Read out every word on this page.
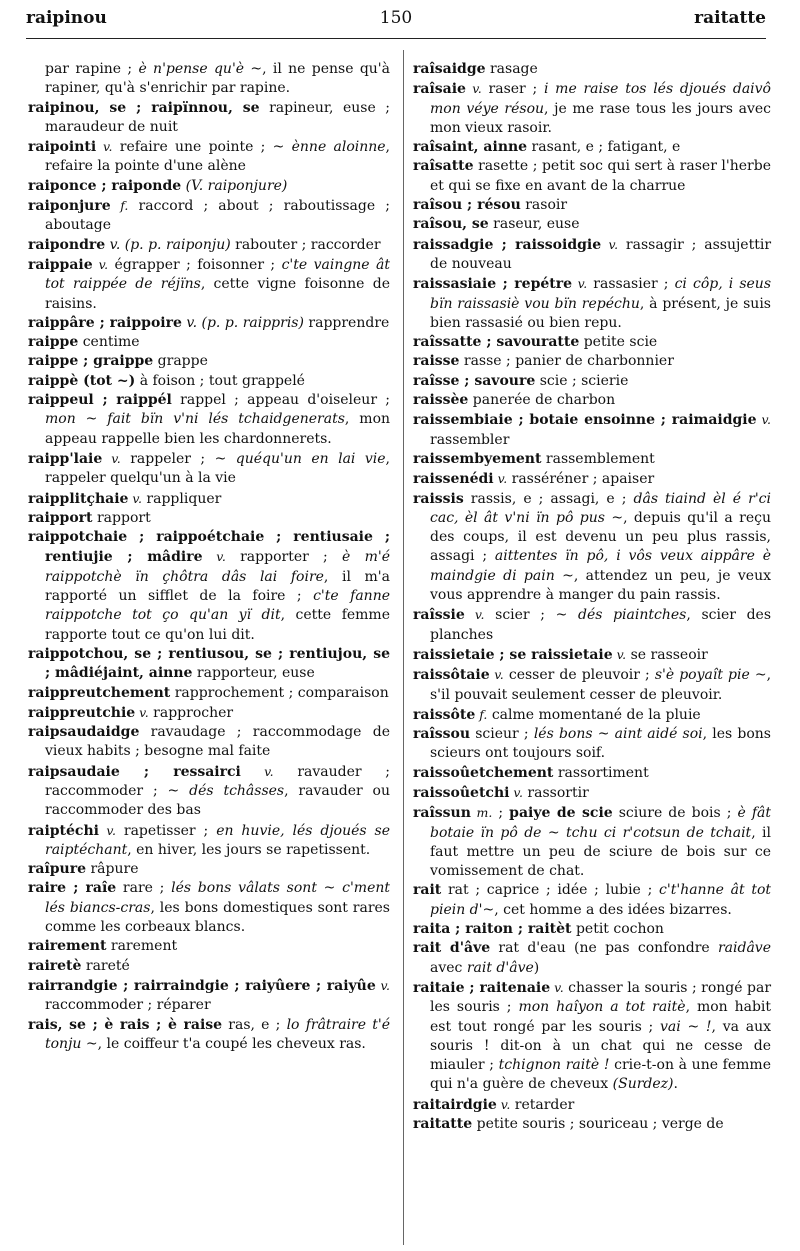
raipinou	150	raitatte

par rapine ; è n'pense qu'è ~, il ne pense qu'à rapiner, qu'à s'enrichir par rapine.

raipinou, se ; raipïnnou, se rapineur, euse ; maraudeur de nuit

raipointi v. refaire une pointe ; ~ ènne aloinne, refaire la pointe d'une alène

raiponce ; raiponde (V. raiponjure)

raiponjure f. raccord ; about ; raboutissage ; aboutage

raipondre v. (p. p. raiponju) rabouter ; raccorder

raippaie v. égrapper ; foisonner ; c'te vaingne ât tot raippée de réjïns, cette vigne foisonne de raisins.

raippâre ; raippoire v. (p. p. raippris) rapprendre

raippe centime

raippe ; graippe grappe

raippè (tot ~) à foison ; tout grappelé

raippeul ; raippél rappel ; appeau d'oiseleur ; mon ~ fait bïn v'ni lés tchaidgenerats, mon appeau rappelle bien les chardonnerets.

raipp'laie v. rappeler ; ~ quéqu'un en lai vie, rappeler quelqu'un à la vie

raipplitçhaie v. rappliquer

raipport rapport

raippotchaie ; raippoétchaie ; rentiusaie ; rentiujie ; mâdire v. rapporter ; è m'é raippotchè ïn çhôtra dâs lai foire, il m'a rapporté un sifflet de la foire ; c'te fanne raippotche tot ço qu'an yï dit, cette femme rapporte tout ce qu'on lui dit.

raippotchou, se ; rentiusou, se ; rentiujou, se ; mâdiéjaint, ainne rapporteur, euse

raippreutchement rapprochement ; comparaison

raippreutchie v. rapprocher

raipsaudaidge ravaudage ; raccommodage de vieux habits ; besogne mal faite

raipsaudaie ; ressairci v. ravauder ; raccommoder ; ~ dés tchâsses, ravauder ou raccommoder des bas

raiptéchi v. rapetisser ; en huvie, lés djoués se raiptéchant, en hiver, les jours se rapetissent.

raîpure râpure

raire ; raîe rare ; lés bons vâlats sont ~ c'ment lés biancs-cras, les bons domestiques sont rares comme les corbeaux blancs.

rairement rarement

rairetè rareté

rairrandgie ; rairraindgie ; raiyûere ; raiyûe v. raccommoder ; réparer

rais, se ; è rais ; è raise ras, e ; lo frâtraire t'é tonju ~, le coiffeur t'a coupé les cheveux ras.

raîsaidge rasage

raîsaie v. raser ; i me raise tos lés djoués daivô mon véye résou, je me rase tous les jours avec mon vieux rasoir.

raîsaint, ainne rasant, e ; fatigant, e

raîsatte rasette ; petit soc qui sert à raser l'herbe et qui se fixe en avant de la charrue

raîsou ; résou rasoir

raîsou, se raseur, euse

raissadgie ; raissoidgie v. rassagir ; assujettir de nouveau

raissasiaie ; repétre v. rassasier ; ci côp, i seus bïn raissasiè vou bïn repéchu, à présent, je suis bien rassasié ou bien repu.

raîssatte ; savouratte petite scie

raisse rasse ; panier de charbonnier

raîsse ; savoure scie ; scierie

raissèe panerée de charbon

raissembiaie ; botaie ensoinne ; raimaidgie v. rassembler

raissembyement rassemblement

raissenédi v. rasséréner ; apaiser

raissis rassis, e ; assagi, e ; dâs tiaind èl é r'ci cac, èl ât v'ni ïn pô pus ~, depuis qu'il a reçu des coups, il est devenu un peu plus rassis, assagi ; aittentes ïn pô, i vôs veux aippâre è maindgie di pain ~, attendez un peu, je veux vous apprendre à manger du pain rassis.

raîssie v. scier ; ~ dés piaintches, scier des planches

raissietaie ; se raissietaie v. se rasseoir

raissôtaie v. cesser de pleuvoir ; s'è poyaît pie ~, s'il pouvait seulement cesser de pleuvoir.

raissôte f. calme momentané de la pluie

raîssou scieur ; lés bons ~ aint aidé soi, les bons scieurs ont toujours soif.

raissoûetchement rassortiment

raissoûetchi v. rassortir

raîssun m. ; paiye de scie sciure de bois ; è fât botaie ïn pô de ~ tchu ci r'cotsun de tchait, il faut mettre un peu de sciure de bois sur ce vomissement de chat.

rait rat ; caprice ; idée ; lubie ; c't'hanne ât tot piein d'~, cet homme a des idées bizarres.

raita ; raiton ; raitèt petit cochon

rait d'âve rat d'eau (ne pas confondre raidâve avec rait d'âve)

raitaie ; raitenaie v. chasser la souris ; rongé par les souris ; mon haîyon a tot raitè, mon habit est tout rongé par les souris ; vai ~ !, va aux souris ! dit-on à un chat qui ne cesse de miauler ; tchignon raitè ! crie-t-on à une femme qui n'a guère de cheveux (Surdez).

raitairdgie v. retarder

raitatte petite souris ; souriceau ; verge de
